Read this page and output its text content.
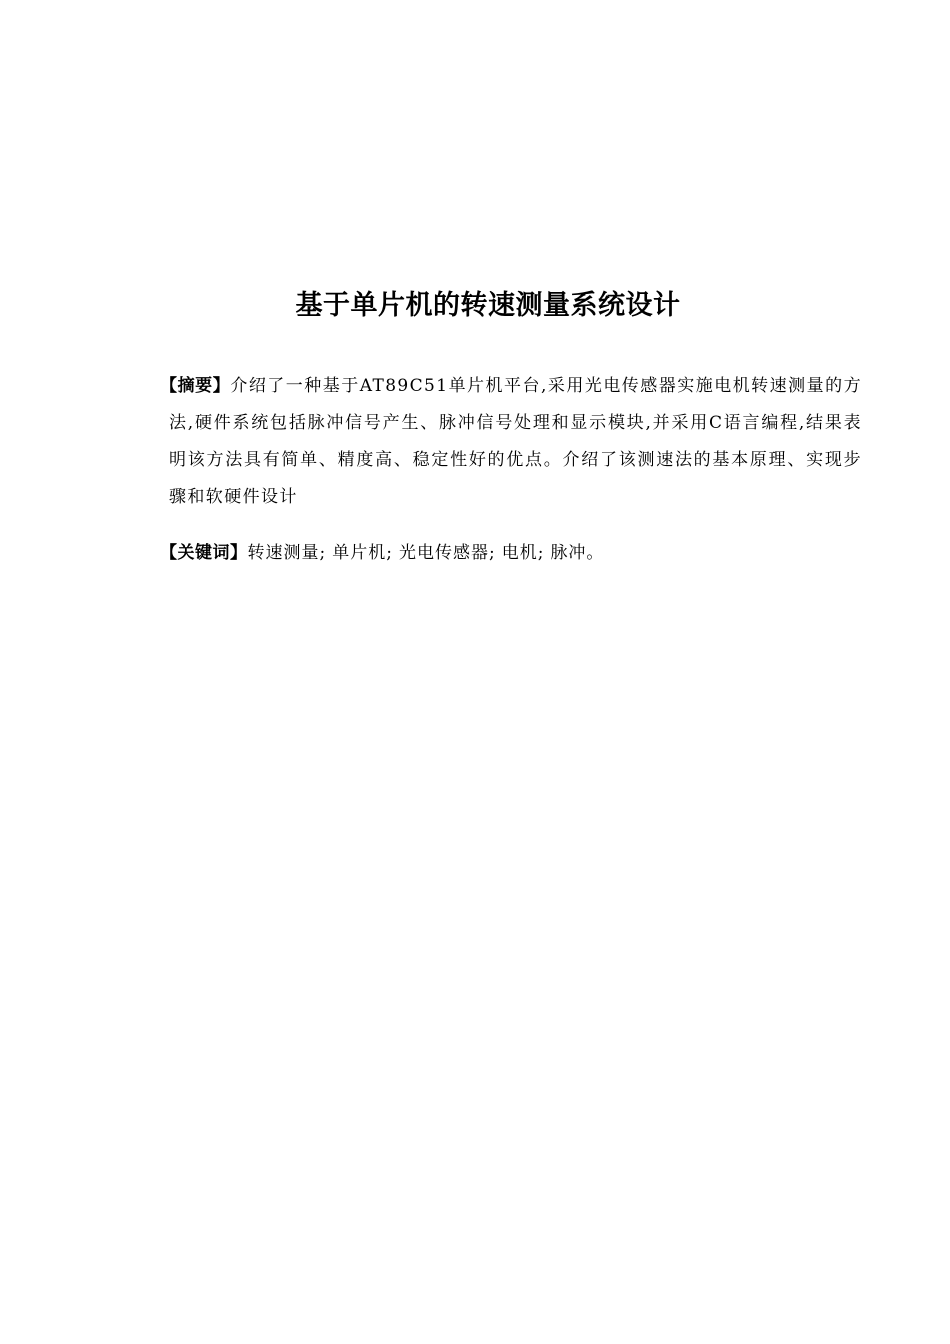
基于单片机的转速测量系统设计
【摘要】介绍了一种基于AT89C51单片机平台,采用光电传感器实施电机转速测量的方法,硬件系统包括脉冲信号产生、脉冲信号处理和显示模块,并采用C语言编程,结果表明该方法具有简单、精度高、稳定性好的优点。介绍了该测速法的基本原理、实现步骤和软硬件设计
【关键词】转速测量; 单片机; 光电传感器; 电机; 脉冲。
